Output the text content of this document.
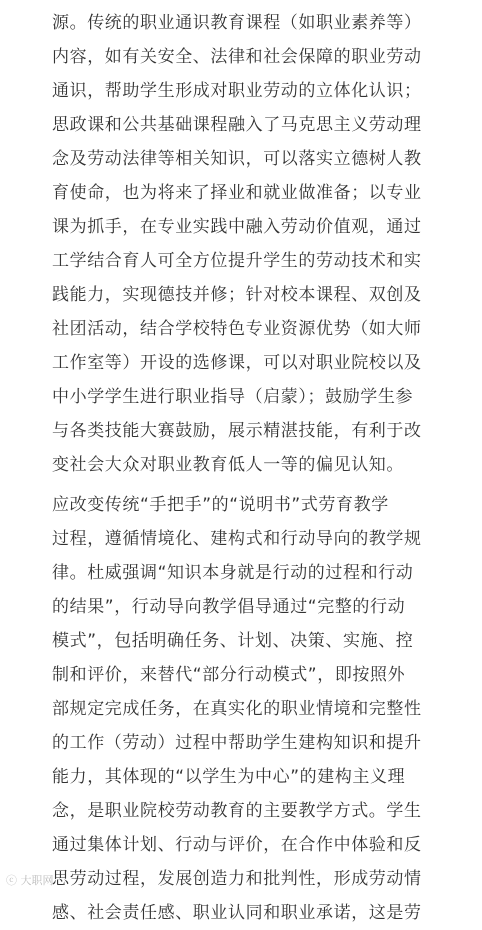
源。传统的职业通识教育课程（如职业素养等）
内容，如有关安全、法律和社会保障的职业劳动
通识，帮助学生形成对职业劳动的立体化认识；
思政课和公共基础课程融入了马克思主义劳动理
念及劳动法律等相关知识，可以落实立德树人教
育使命，也为将来了择业和就业做准备；以专业
课为抓手，在专业实践中融入劳动价值观，通过
工学结合育人可全方位提升学生的劳动技术和实
践能力，实现德技并修；针对校本课程、双创及
社团活动，结合学校特色专业资源优势（如大师
工作室等）开设的选修课，可以对职业院校以及
中小学学生进行职业指导（启蒙）；鼓励学生参
与各类技能大赛鼓励，展示精湛技能，有利于改
变社会大众对职业教育低人一等的偏见认知。
应改变传统“手把手”的“说明书”式劳育教学
过程，遵循情境化、建构式和行动导向的教学规
律。杜威强调“知识本身就是行动的过程和行动
的结果”，行动导向教学倡导通过“完整的行动
模式”，包括明确任务、计划、决策、实施、控
制和评价，来替代“部分行动模式”，即按照外
部规定完成任务，在真实化的职业情境和完整性
的工作（劳动）过程中帮助学生建构知识和提升
能力，其体现的“以学生为中心”的建构主义理
念，是职业院校劳动教育的主要教学方式。学生
通过集体计划、行动与评价，在合作中体验和反
思劳动过程，发展创造力和批判性，形成劳动情
感、社会责任感、职业认同和职业承诺，这是劳
ⓒ 大职网
